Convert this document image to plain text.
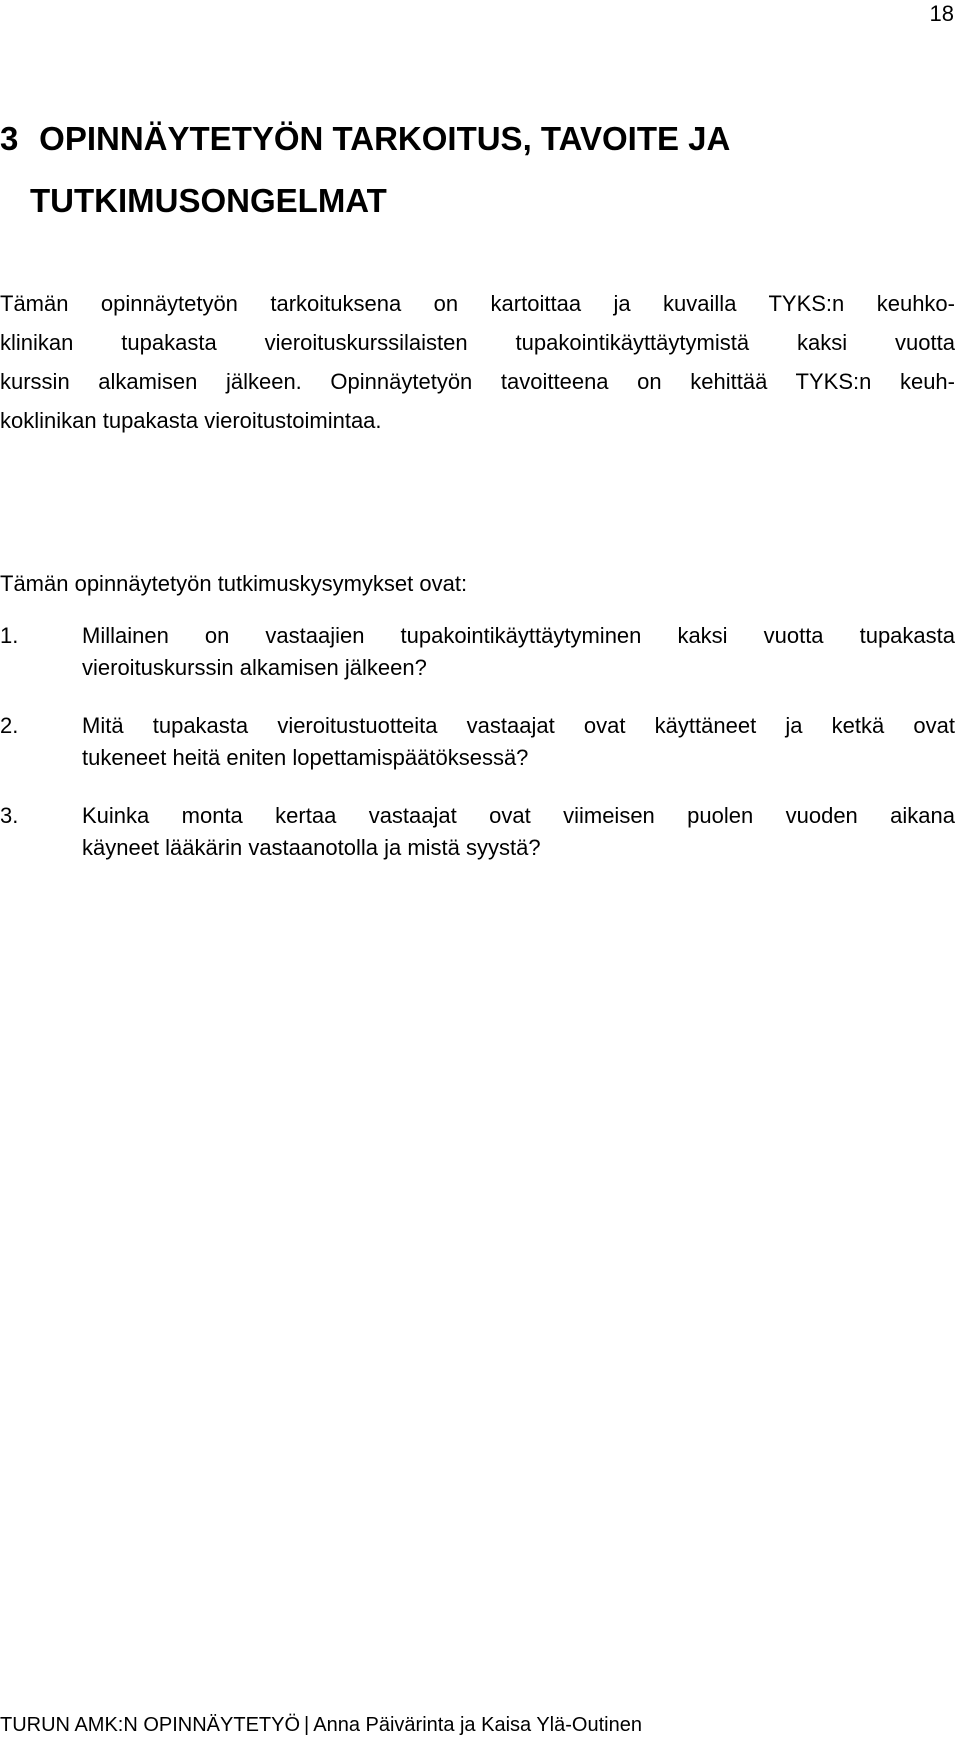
18
3 OPINNÄYTETYÖN TARKOITUS, TAVOITE JA
TUTKIMUSONGELMAT
Tämän opinnäytetyön tarkoituksena on kartoittaa ja kuvailla TYKS:n keuhko-
klinikan tupakasta vieroituskurssilaisten tupakointikäyttäytymistä kaksi vuotta
kurssin alkamisen jälkeen. Opinnäytetyön tavoitteena on kehittää TYKS:n keuh-
koklinikan tupakasta vieroitustoimintaa.
Tämän opinnäytetyön tutkimuskysymykset ovat:
1.	Millainen on vastaajien tupakointikäyttäytyminen kaksi vuotta tupakasta
vieroituskurssin alkamisen jälkeen?
2.	Mitä tupakasta vieroitustuotteita vastaajat ovat käyttäneet ja ketkä ovat
tukeneet heitä eniten lopettamispäätöksessä?
3.	Kuinka monta kertaa vastaajat ovat viimeisen puolen vuoden aikana
käyneet lääkärin vastaanotolla ja mistä syystä?
TURUN AMK:N OPINNÄYTETYÖ | Anna Päivärinta ja Kaisa Ylä-Outinen
